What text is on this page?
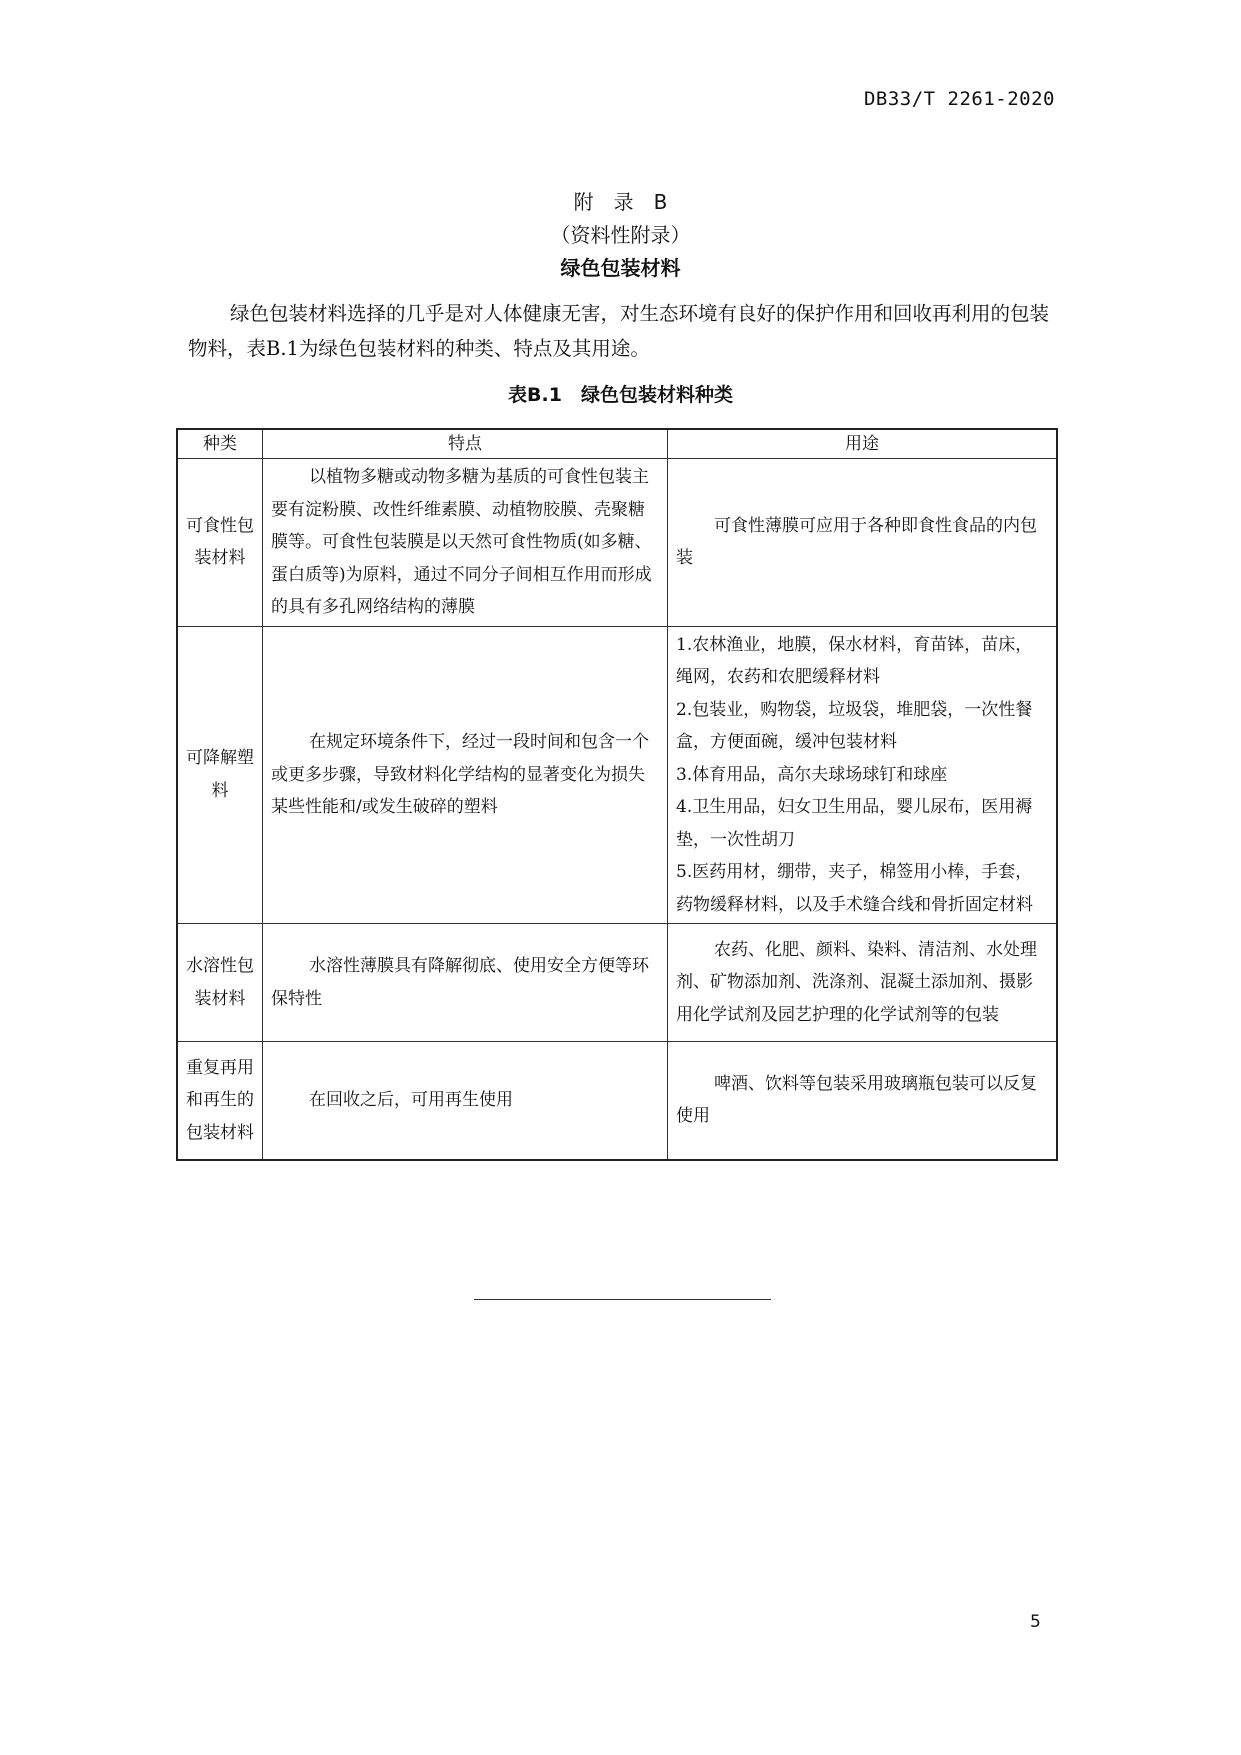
DB33/T 2261-2020
附　录　B
（资料性附录）
绿色包装材料

绿色包装材料选择的几乎是对人体健康无害，对生态环境有良好的保护作用和回收再利用的包装物料，表B.1为绿色包装材料的种类、特点及其用途。

表B.1　绿色包装材料种类
种类	特点	用途
可食性包装材料	以植物多糖或动物多糖为基质的可食性包装主要有淀粉膜、改性纤维素膜、动植物胶膜、壳聚糖膜等。可食性包装膜是以天然可食性物质(如多糖、蛋白质等)为原料，通过不同分子间相互作用而形成的具有多孔网络结构的薄膜	可食性薄膜可应用于各种即食性食品的内包装
可降解塑料	在规定环境条件下，经过一段时间和包含一个或更多步骤，导致材料化学结构的显著变化为损失某些性能和/或发生破碎的塑料	1.农林渔业，地膜，保水材料，育苗钵，苗床，绳网，农药和农肥缓释材料
2.包装业，购物袋，垃圾袋，堆肥袋，一次性餐盒，方便面碗，缓冲包装材料
3.体育用品，高尔夫球场球钉和球座
4.卫生用品，妇女卫生用品，婴儿尿布，医用褥垫，一次性胡刀
5.医药用材，绷带，夹子，棉签用小棒，手套，药物缓释材料，以及手术缝合线和骨折固定材料

水溶性包装材料	水溶性薄膜具有降解彻底、使用安全方便等环保特性	农药、化肥、颜料、染料、清洁剂、水处理剂、矿物添加剂、洗涤剂、混凝土添加剂、摄影用化学试剂及园艺护理的化学试剂等的包装
重复再用和再生的包装材料	在回收之后，可用再生使用	啤酒、饮料等包装采用玻璃瓶包装可以反复使用
5
